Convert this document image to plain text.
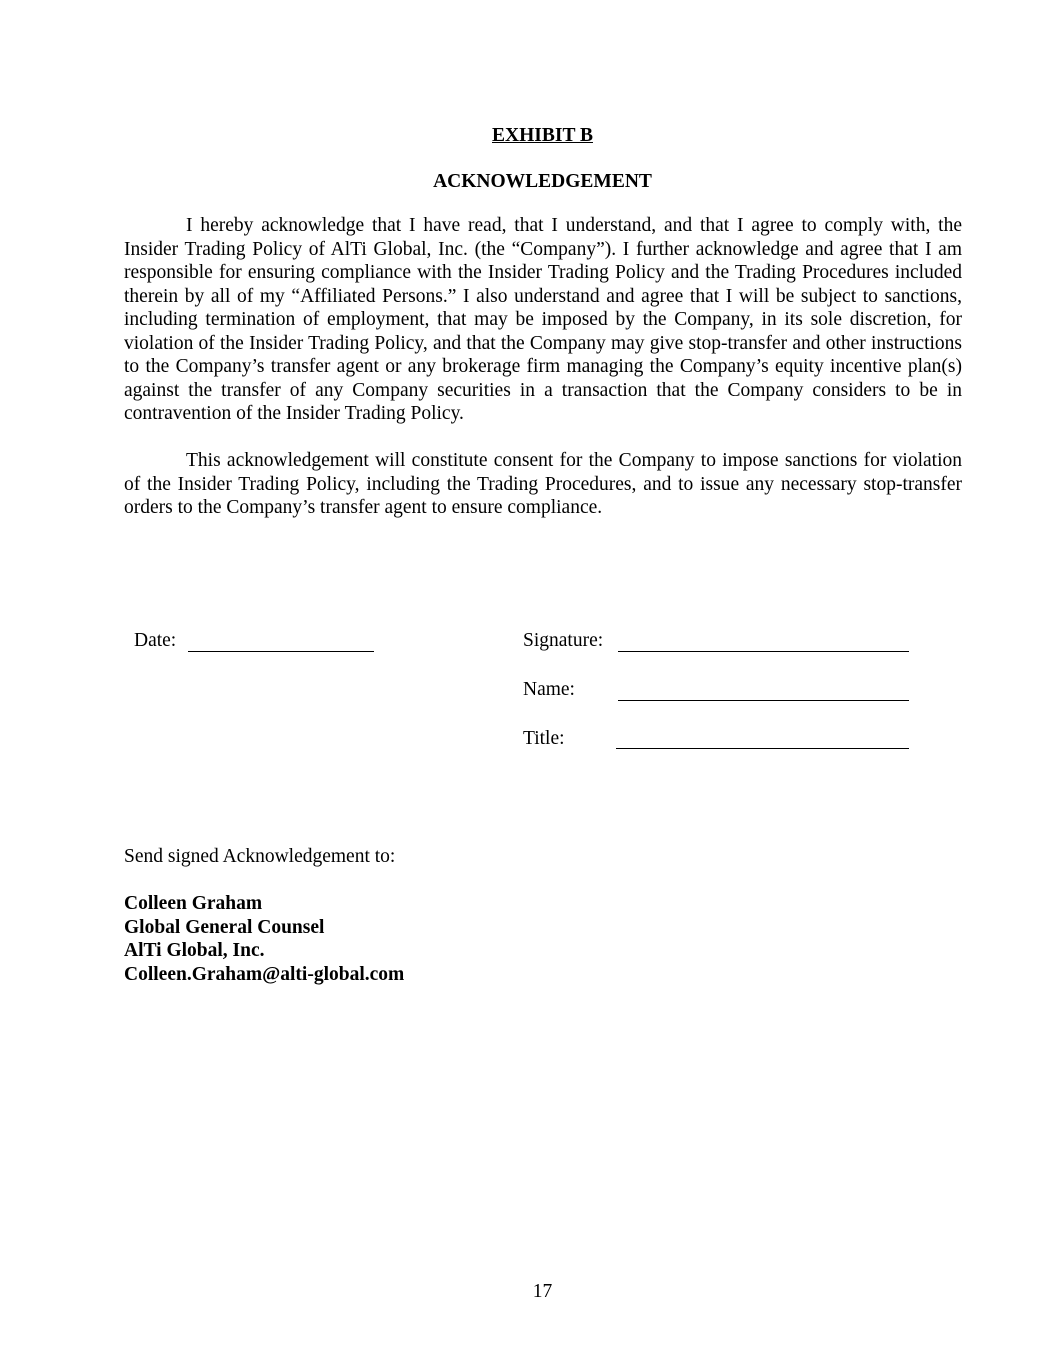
EXHIBIT B

ACKNOWLEDGEMENT

I hereby acknowledge that I have read, that I understand, and that I agree to comply with, the Insider Trading Policy of AlTi Global, Inc. (the “Company”). I further acknowledge and agree that I am responsible for ensuring compliance with the Insider Trading Policy and the Trading Procedures included therein by all of my “Affiliated Persons.” I also understand and agree that I will be subject to sanctions, including termination of employment, that may be imposed by the Company, in its sole discretion, for violation of the Insider Trading Policy, and that the Company may give stop-transfer and other instructions to the Company’s transfer agent or any brokerage firm managing the Company’s equity incentive plan(s) against the transfer of any Company securities in a transaction that the Company considers to be in contravention of the Insider Trading Policy.

This acknowledgement will constitute consent for the Company to impose sanctions for violation of the Insider Trading Policy, including the Trading Procedures, and to issue any necessary stop-transfer orders to the Company’s transfer agent to ensure compliance.

Date:	Signature:

Name:

Title:

Send signed Acknowledgement to:

Colleen Graham
Global General Counsel
AlTi Global, Inc.
Colleen.Graham@alti-global.com

17
